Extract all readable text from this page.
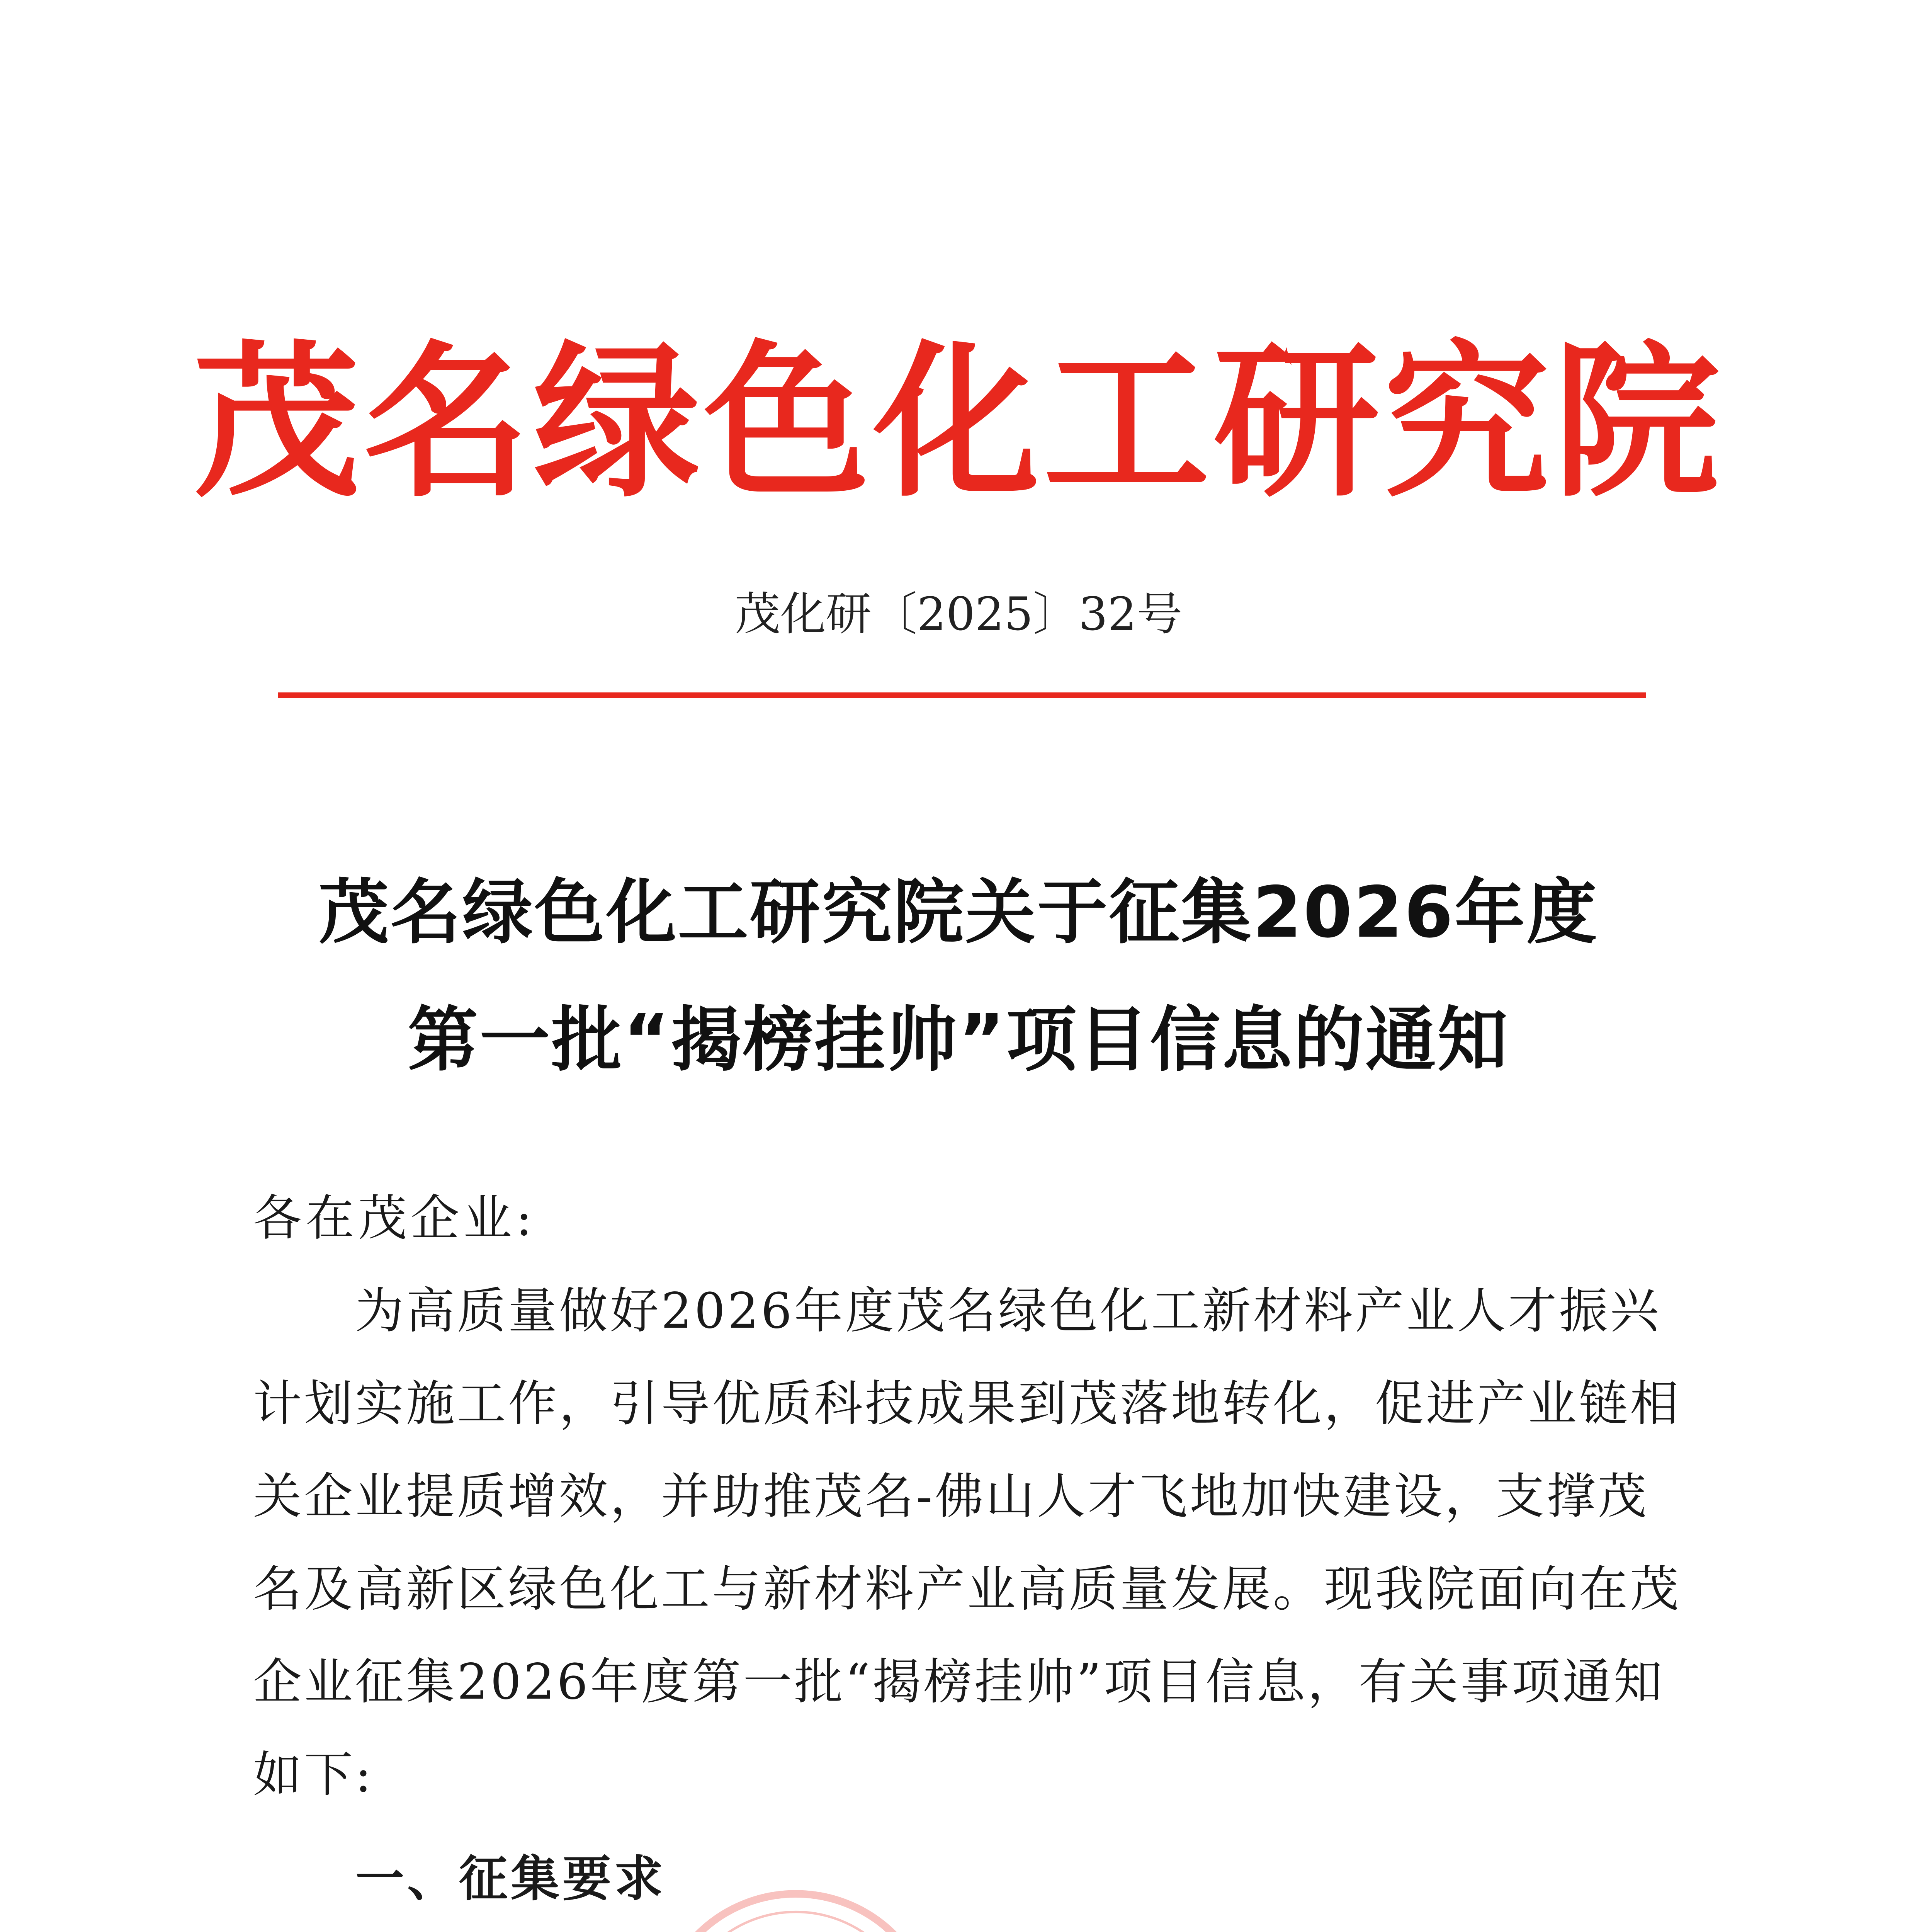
茂名绿色化工研究院
茂化研〔2025〕32号
茂名绿色化工研究院关于征集2026年度
第一批“揭榜挂帅”项目信息的通知
各在茂企业:
　　为高质量做好2026年度茂名绿色化工新材料产业人才振兴
计划实施工作，引导优质科技成果到茂落地转化，促进产业链相
关企业提质增效，并助推茂名-佛山人才飞地加快建设，支撑茂
名及高新区绿色化工与新材料产业高质量发展。现我院面向在茂
企业征集2026年度第一批“揭榜挂帅”项目信息，有关事项通知
如下:
一、征集要求
